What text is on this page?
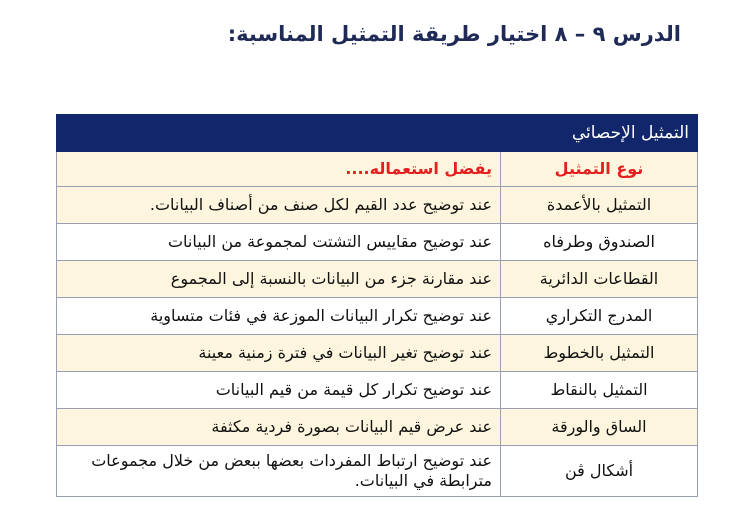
الدرس ٩ – ٨ اختيار طريقة التمثيل المناسبة:
التمثيل الإحصائي	
نوع التمثيل	يفضل استعماله....
التمثيل بالأعمدة	عند توضيح عدد القيم لكل صنف من أصناف البيانات.
الصندوق وطرفاه	عند توضيح مقاييس التشتت لمجموعة من البيانات
القطاعات الدائرية	عند مقارنة جزء من البيانات بالنسبة إلى المجموع
المدرج التكراري	عند توضيح تكرار البيانات الموزعة في فئات متساوية
التمثيل بالخطوط	عند توضيح تغير البيانات في فترة زمنية معينة
التمثيل بالنقاط	عند توضيح تكرار كل قيمة من قيم البيانات
الساق والورقة	عند عرض قيم البيانات بصورة فردية مكثفة
أشكال ڤن	عند توضيح ارتباط المفردات بعضها ببعض من خلال مجموعات مترابطة في البيانات.
